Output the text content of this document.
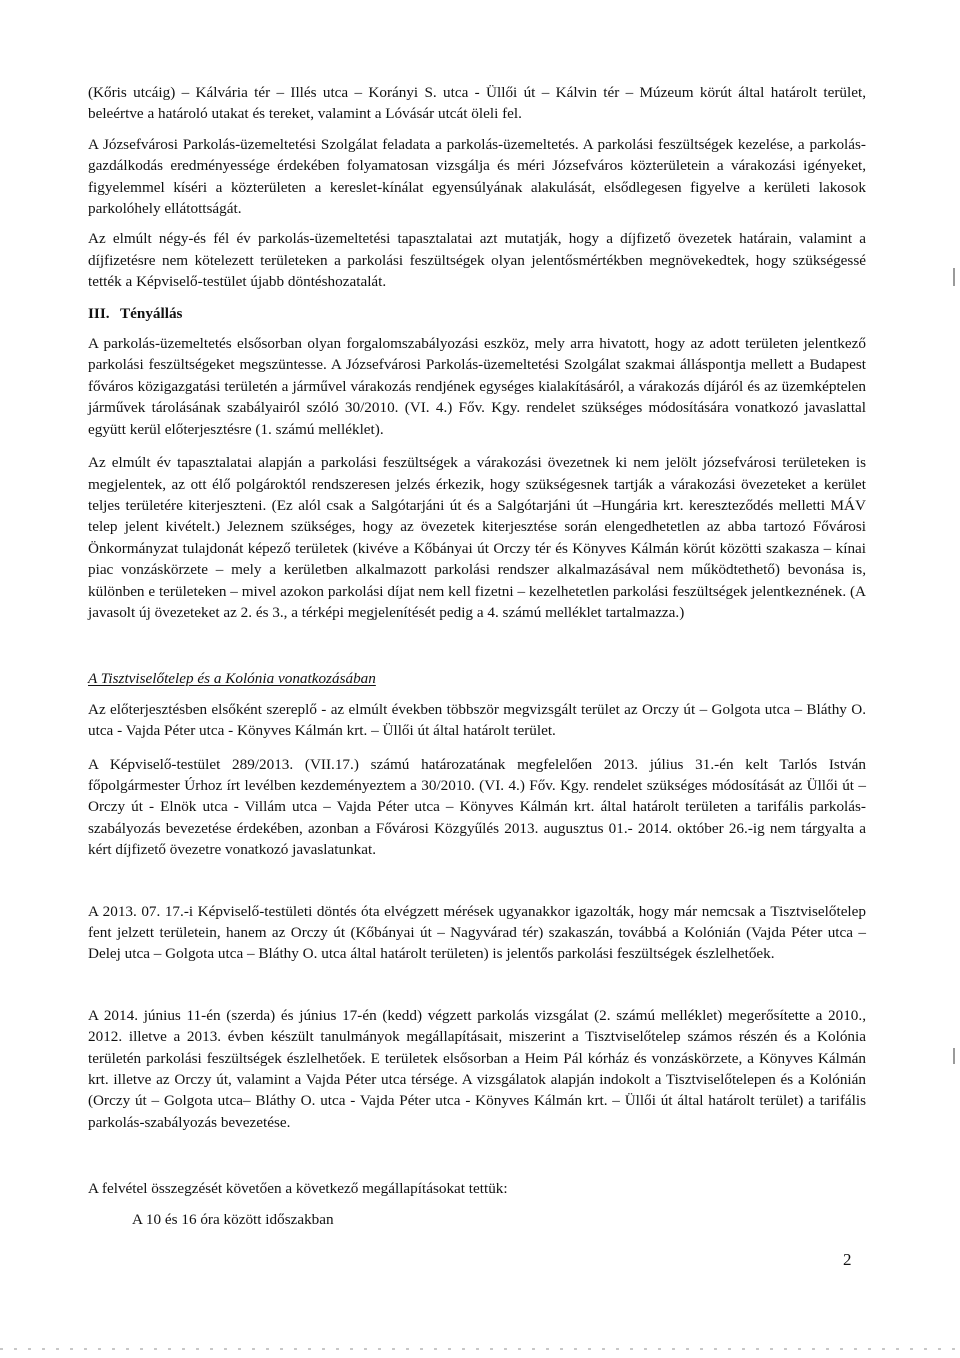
(Kőris utcáig) – Kálvária tér – Illés utca – Korányi S. utca - Üllői út – Kálvin tér – Múzeum körút által határolt terület, beleértve a határoló utakat és tereket, valamint a Lóvásár utcát öleli fel.

A Józsefvárosi Parkolás-üzemeltetési Szolgálat feladata a parkolás-üzemeltetés. A parkolási feszültségek kezelése, a parkolás-gazdálkodás eredményessége érdekében folyamatosan vizsgálja és méri Józsefváros közterületein a várakozási igényeket, figyelemmel kíséri a közterületen a kereslet-kínálat egyensúlyának alakulását, elsődlegesen figyelve a kerületi lakosok parkolóhely ellátottságát.

Az elmúlt négy-és fél év parkolás-üzemeltetési tapasztalatai azt mutatják, hogy a díjfizető övezetek határain, valamint a díjfizetésre nem kötelezett területeken a parkolási feszültségek olyan jelentősmértékben megnövekedtek, hogy szükségessé tették a Képviselő-testület újabb döntéshozatalát.

III. Tényállás

A parkolás-üzemeltetés elsősorban olyan forgalomszabályozási eszköz, mely arra hivatott, hogy az adott területen jelentkező parkolási feszültségeket megszüntesse. A Józsefvárosi Parkolás-üzemeltetési Szolgálat szakmai álláspontja mellett a Budapest főváros közigazgatási területén a járművel várakozás rendjének egységes kialakításáról, a várakozás díjáról és az üzemképtelen járművek tárolásának szabályairól szóló 30/2010. (VI. 4.) Főv. Kgy. rendelet szükséges módosítására vonatkozó javaslattal együtt kerül előterjesztésre (1. számú melléklet).

Az elmúlt év tapasztalatai alapján a parkolási feszültségek a várakozási övezetnek ki nem jelölt józsefvárosi területeken is megjelentek, az ott élő polgároktól rendszeresen jelzés érkezik, hogy szükségesnek tartják a várakozási övezeteket a kerület teljes területére kiterjeszteni. (Ez alól csak a Salgótarjáni út és a Salgótarjáni út –Hungária krt. kereszteződés melletti MÁV telep jelent kivételt.) Jeleznem szükséges, hogy az övezetek kiterjesztése során elengedhetetlen az abba tartozó Fővárosi Önkormányzat tulajdonát képező területek (kivéve a Kőbányai út Orczy tér és Könyves Kálmán körút közötti szakasza – kínai piac vonzáskörzete – mely a kerületben alkalmazott parkolási rendszer alkalmazásával nem működtethető) bevonása is, különben e területeken – mivel azokon parkolási díjat nem kell fizetni – kezelhetetlen parkolási feszültségek jelentkeznének. (A javasolt új övezeteket az 2. és 3., a térképi megjelenítését pedig a 4. számú melléklet tartalmazza.)

A Tisztviselőtelep és a Kolónia vonatkozásában

Az előterjesztésben elsőként szereplő - az elmúlt években többször megvizsgált terület az Orczy út – Golgota utca – Bláthy O. utca - Vajda Péter utca - Könyves Kálmán krt. – Üllői út által határolt terület.

A Képviselő-testület 289/2013. (VII.17.) számú határozatának megfelelően 2013. július 31.-én kelt Tarlós István főpolgármester Úrhoz írt levélben kezdeményeztem a 30/2010. (VI. 4.) Főv. Kgy. rendelet szükséges módosítását az Üllői út – Orczy út - Elnök utca - Villám utca – Vajda Péter utca – Könyves Kálmán krt. által határolt területen a tarifális parkolás-szabályozás bevezetése érdekében, azonban a Fővárosi Közgyűlés 2013. augusztus 01.- 2014. október 26.-ig nem tárgyalta a kért díjfizető övezetre vonatkozó javaslatunkat.

A 2013. 07. 17.-i Képviselő-testületi döntés óta elvégzett mérések ugyanakkor igazolták, hogy már nemcsak a Tisztviselőtelep fent jelzett területein, hanem az Orczy út (Kőbányai út – Nagyvárad tér) szakaszán, továbbá a Kolónián (Vajda Péter utca – Delej utca – Golgota utca – Bláthy O. utca által határolt területen) is jelentős parkolási feszültségek észlelhetőek.

A 2014. június 11-én (szerda) és június 17-én (kedd) végzett parkolás vizsgálat (2. számú melléklet) megerősítette a 2010., 2012. illetve a 2013. évben készült tanulmányok megállapításait, miszerint a Tisztviselőtelep számos részén és a Kolónia területén parkolási feszültségek észlelhetőek. E területek elsősorban a Heim Pál kórház és vonzáskörzete, a Könyves Kálmán krt. illetve az Orczy út, valamint a Vajda Péter utca térsége. A vizsgálatok alapján indokolt a Tisztviselőtelepen és a Kolónián (Orczy út – Golgota utca– Bláthy O. utca - Vajda Péter utca - Könyves Kálmán krt. – Üllői út által határolt terület) a tarifális parkolás-szabályozás bevezetése.

A felvétel összegzését követően a következő megállapításokat tettük:

A 10 és 16 óra között időszakban

2
